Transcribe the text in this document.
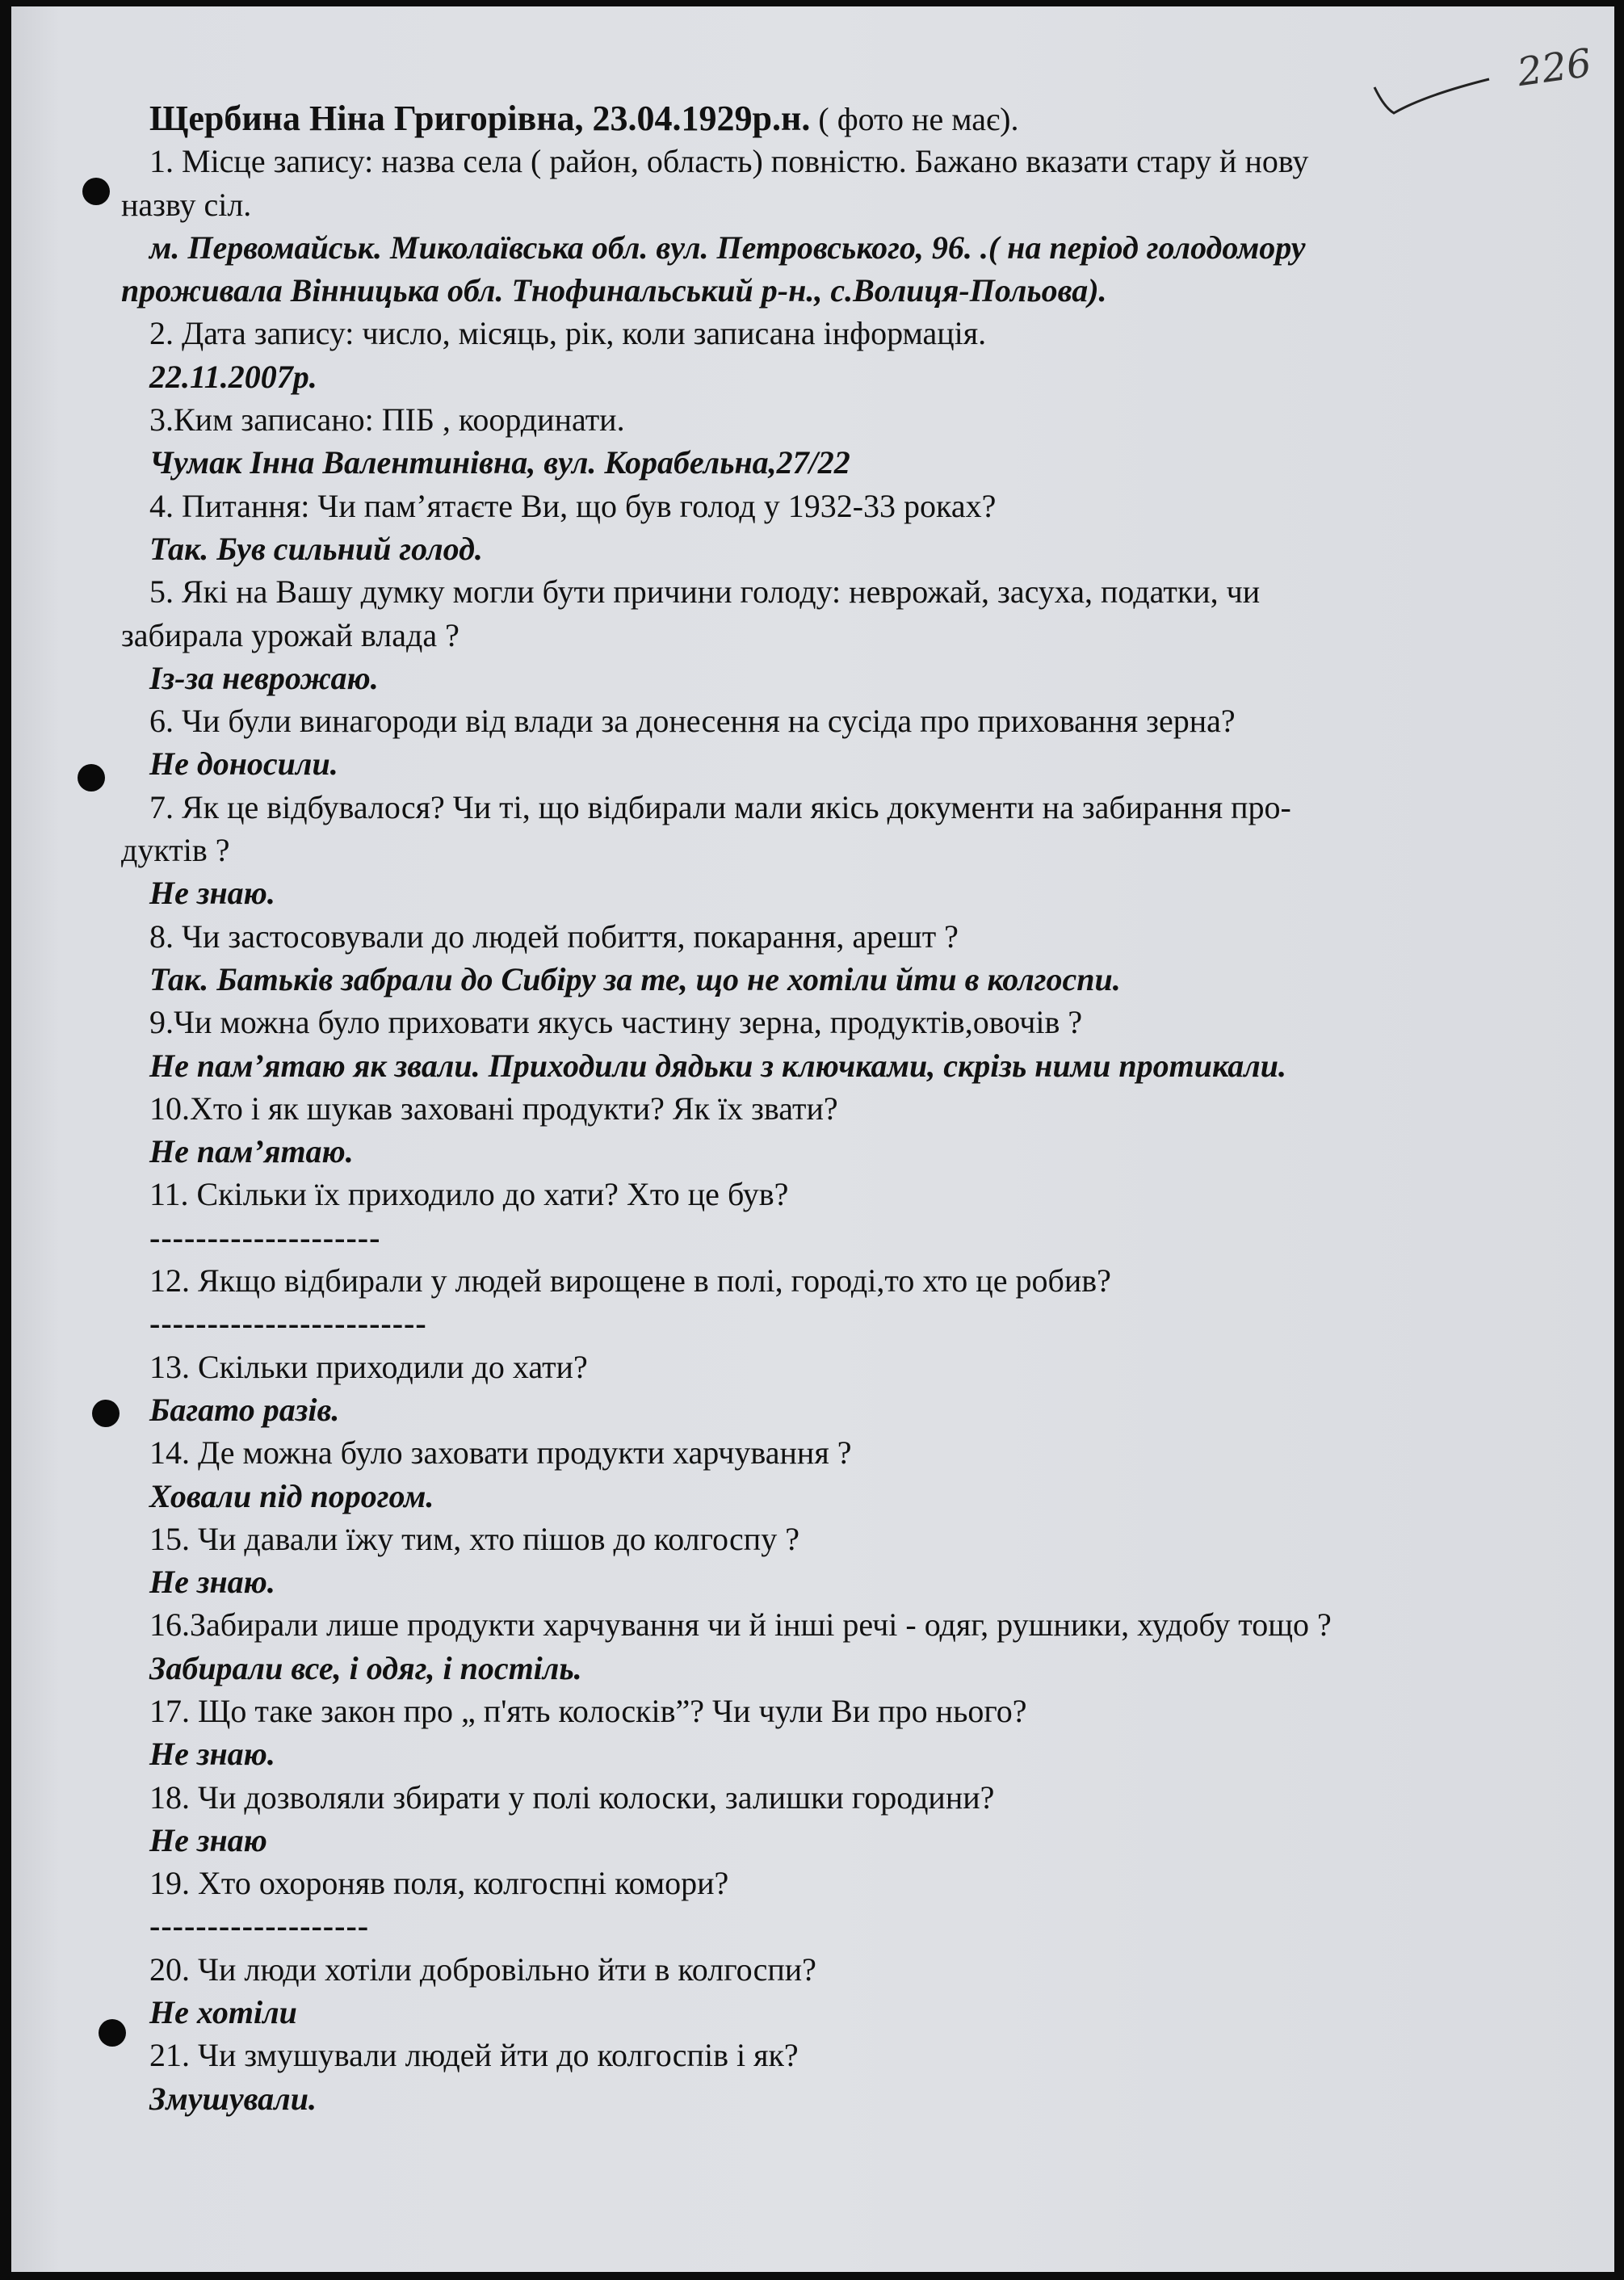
226
Щербина Ніна Григорівна, 23.04.1929р.н. ( фото не має).
1. Місце запису: назва села ( район, область) повністю. Бажано вказати стару й нову
назву сіл.
м. Первомайськ. Миколаївська обл. вул. Петровського, 96. .( на період голодомору
проживала Вінницька обл. Тнофинальський р-н., с.Волиця-Польова).
2. Дата запису: число, місяць, рік, коли записана інформація.
22.11.2007р.
3.Ким записано: ПІБ , координати.
Чумак Інна Валентинівна, вул. Корабельна,27/22
4. Питання: Чи пам’ятаєте Ви, що був голод у 1932-33 роках?
Так. Був сильний голод.
5. Які на Вашу думку могли бути причини голоду: неврожай, засуха, податки, чи
забирала урожай влада ?
Із-за неврожаю.
6. Чи були винагороди від влади за донесення на сусіда про приховання зерна?
Не доносили.
7. Як це відбувалося? Чи ті, що відбирали мали якісь документи на забирання про-
дуктів ?
Не знаю.
8. Чи застосовували до людей побиття, покарання, арешт ?
Так. Батьків забрали до Сибіру за те, що не хотіли йти в колгоспи.
9.Чи можна було приховати якусь частину зерна, продуктів,овочів ?
Не пам’ятаю як звали. Приходили дядьки з ключками, скрізь ними протикали.
10.Хто і як шукав заховані продукти? Як їх звати?
Не пам’ятаю.
11. Скільки їх приходило до хати? Хто це був?
--------------------
12. Якщо відбирали у людей вирощене в полі, городі,то хто це робив?
------------------------
13. Скільки приходили до хати?
Багато разів.
14. Де можна було заховати продукти харчування ?
Ховали під порогом.
15. Чи давали їжу тим, хто пішов до колгоспу ?
Не знаю.
16.Забирали лише продукти харчування чи й інші речі - одяг, рушники, худобу тощо ?
Забирали все, і одяг, і постіль.
17. Що таке закон про „ п'ять колосків”? Чи чули Ви про нього?
Не знаю.
18. Чи дозволяли збирати у полі колоски, залишки городини?
Не знаю
19. Хто охороняв поля, колгоспні комори?
-------------------
20. Чи люди хотіли добровільно йти в колгоспи?
Не хотіли
21. Чи змушували людей йти до колгоспів і як?
Змушували.
